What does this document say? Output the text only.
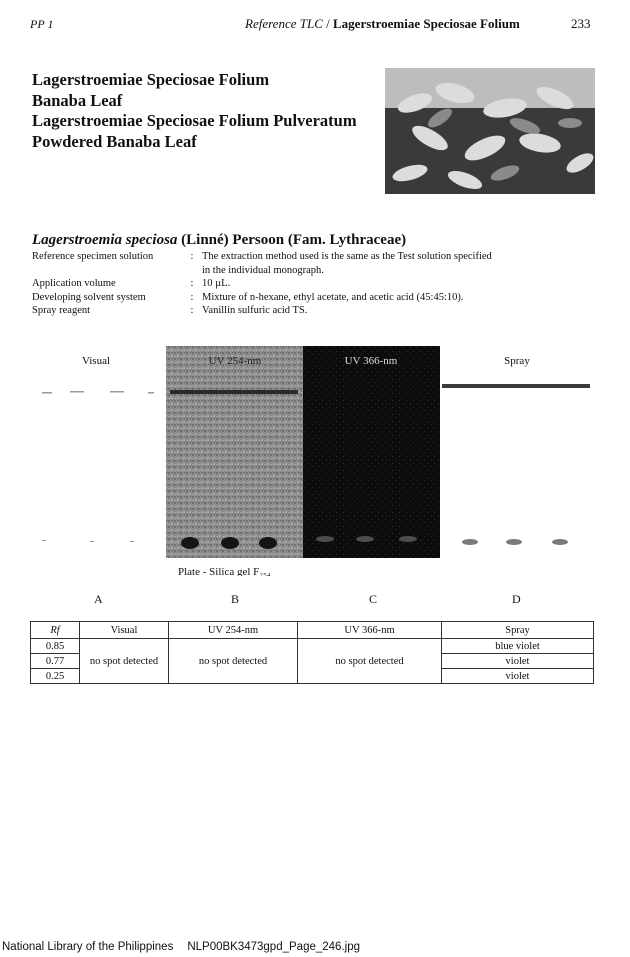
PP 1	Reference TLC / Lagerstroemiae Speciosae Folium	233
Lagerstroemiae Speciosae Folium
Banaba Leaf
Lagerstroemiae Speciosae Folium Pulveratum
Powdered Banaba Leaf
Lagerstroemia speciosa (Linné) Persoon (Fam. Lythraceae)
Reference specimen solution	: The extraction method used is the same as the Test solution specified
in the individual monograph.
Application volume	: 10 µL.
Developing solvent system	: Mixture of n-hexane, ethyl acetate, and acetic acid (45:45:10).
Spray reagent	: Vanillin sulfuric acid TS.
Visual	UV 254-nm	UV 366-nm	Spray
Plate - Silica gel F₂₅₄
A	B	C	D
Rf	Visual	UV 254-nm	UV 366-nm	Spray
0.85	no spot detected	no spot detected	no spot detected	blue violet
0.77				violet
0.25				violet
National Library of the Philippines NLP00BK3473gpd_Page_246.jpg
